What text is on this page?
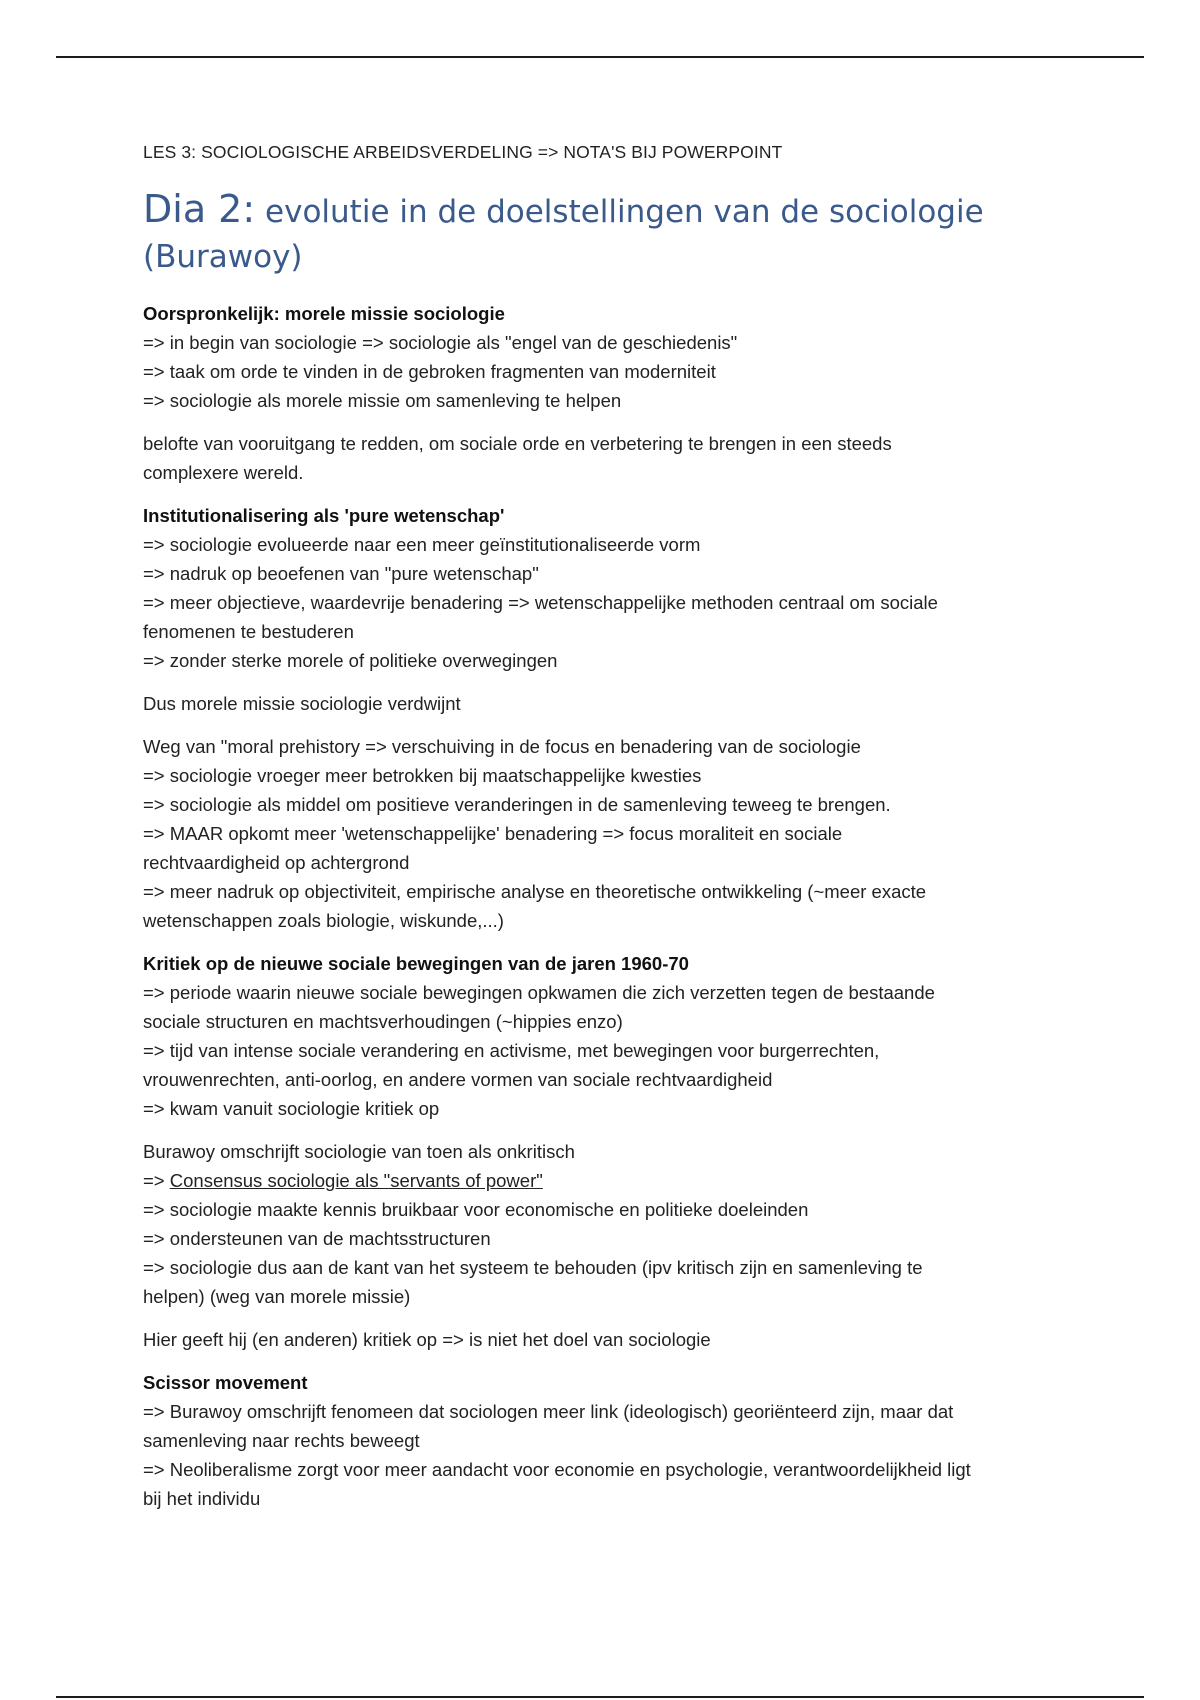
LES 3: SOCIOLOGISCHE ARBEIDSVERDELING => NOTA'S BIJ POWERPOINT

Dia 2: evolutie in de doelstellingen van de sociologie (Burawoy)

Oorspronkelijk: morele missie sociologie

=> in begin van sociologie => sociologie als "engel van de geschiedenis"

=> taak om orde te vinden in de gebroken fragmenten van moderniteit

=> sociologie als morele missie om samenleving te helpen

belofte van vooruitgang te redden, om sociale orde en verbetering te brengen in een steeds

complexere wereld.

Institutionalisering als 'pure wetenschap'

=> sociologie evolueerde naar een meer geïnstitutionaliseerde vorm

=> nadruk op beoefenen van "pure wetenschap"

=> meer objectieve, waardevrije benadering => wetenschappelijke methoden centraal om sociale

fenomenen te bestuderen

=> zonder sterke morele of politieke overwegingen

Dus morele missie sociologie verdwijnt

Weg van "moral prehistory => verschuiving in de focus en benadering van de sociologie

=> sociologie vroeger meer betrokken bij maatschappelijke kwesties

=> sociologie als middel om positieve veranderingen in de samenleving teweeg te brengen.

=> MAAR opkomt meer 'wetenschappelijke' benadering => focus moraliteit en sociale

rechtvaardigheid op achtergrond

=> meer nadruk op objectiviteit, empirische analyse en theoretische ontwikkeling (~meer exacte

wetenschappen zoals biologie, wiskunde,...)

Kritiek op de nieuwe sociale bewegingen van de jaren 1960-70

=> periode waarin nieuwe sociale bewegingen opkwamen die zich verzetten tegen de bestaande

sociale structuren en machtsverhoudingen (~hippies enzo)

=> tijd van intense sociale verandering en activisme, met bewegingen voor burgerrechten,

vrouwenrechten, anti-oorlog, en andere vormen van sociale rechtvaardigheid

=> kwam vanuit sociologie kritiek op

Burawoy omschrijft sociologie van toen als onkritisch

=> Consensus sociologie als "servants of power"

=> sociologie maakte kennis bruikbaar voor economische en politieke doeleinden

=> ondersteunen van de machtsstructuren

=> sociologie dus aan de kant van het systeem te behouden (ipv kritisch zijn en samenleving te

helpen) (weg van morele missie)

Hier geeft hij (en anderen) kritiek op => is niet het doel van sociologie

Scissor movement

=> Burawoy omschrijft fenomeen dat sociologen meer link (ideologisch) georiënteerd zijn, maar dat

samenleving naar rechts beweegt

=> Neoliberalisme zorgt voor meer aandacht voor economie en psychologie, verantwoordelijkheid ligt

bij het individu
